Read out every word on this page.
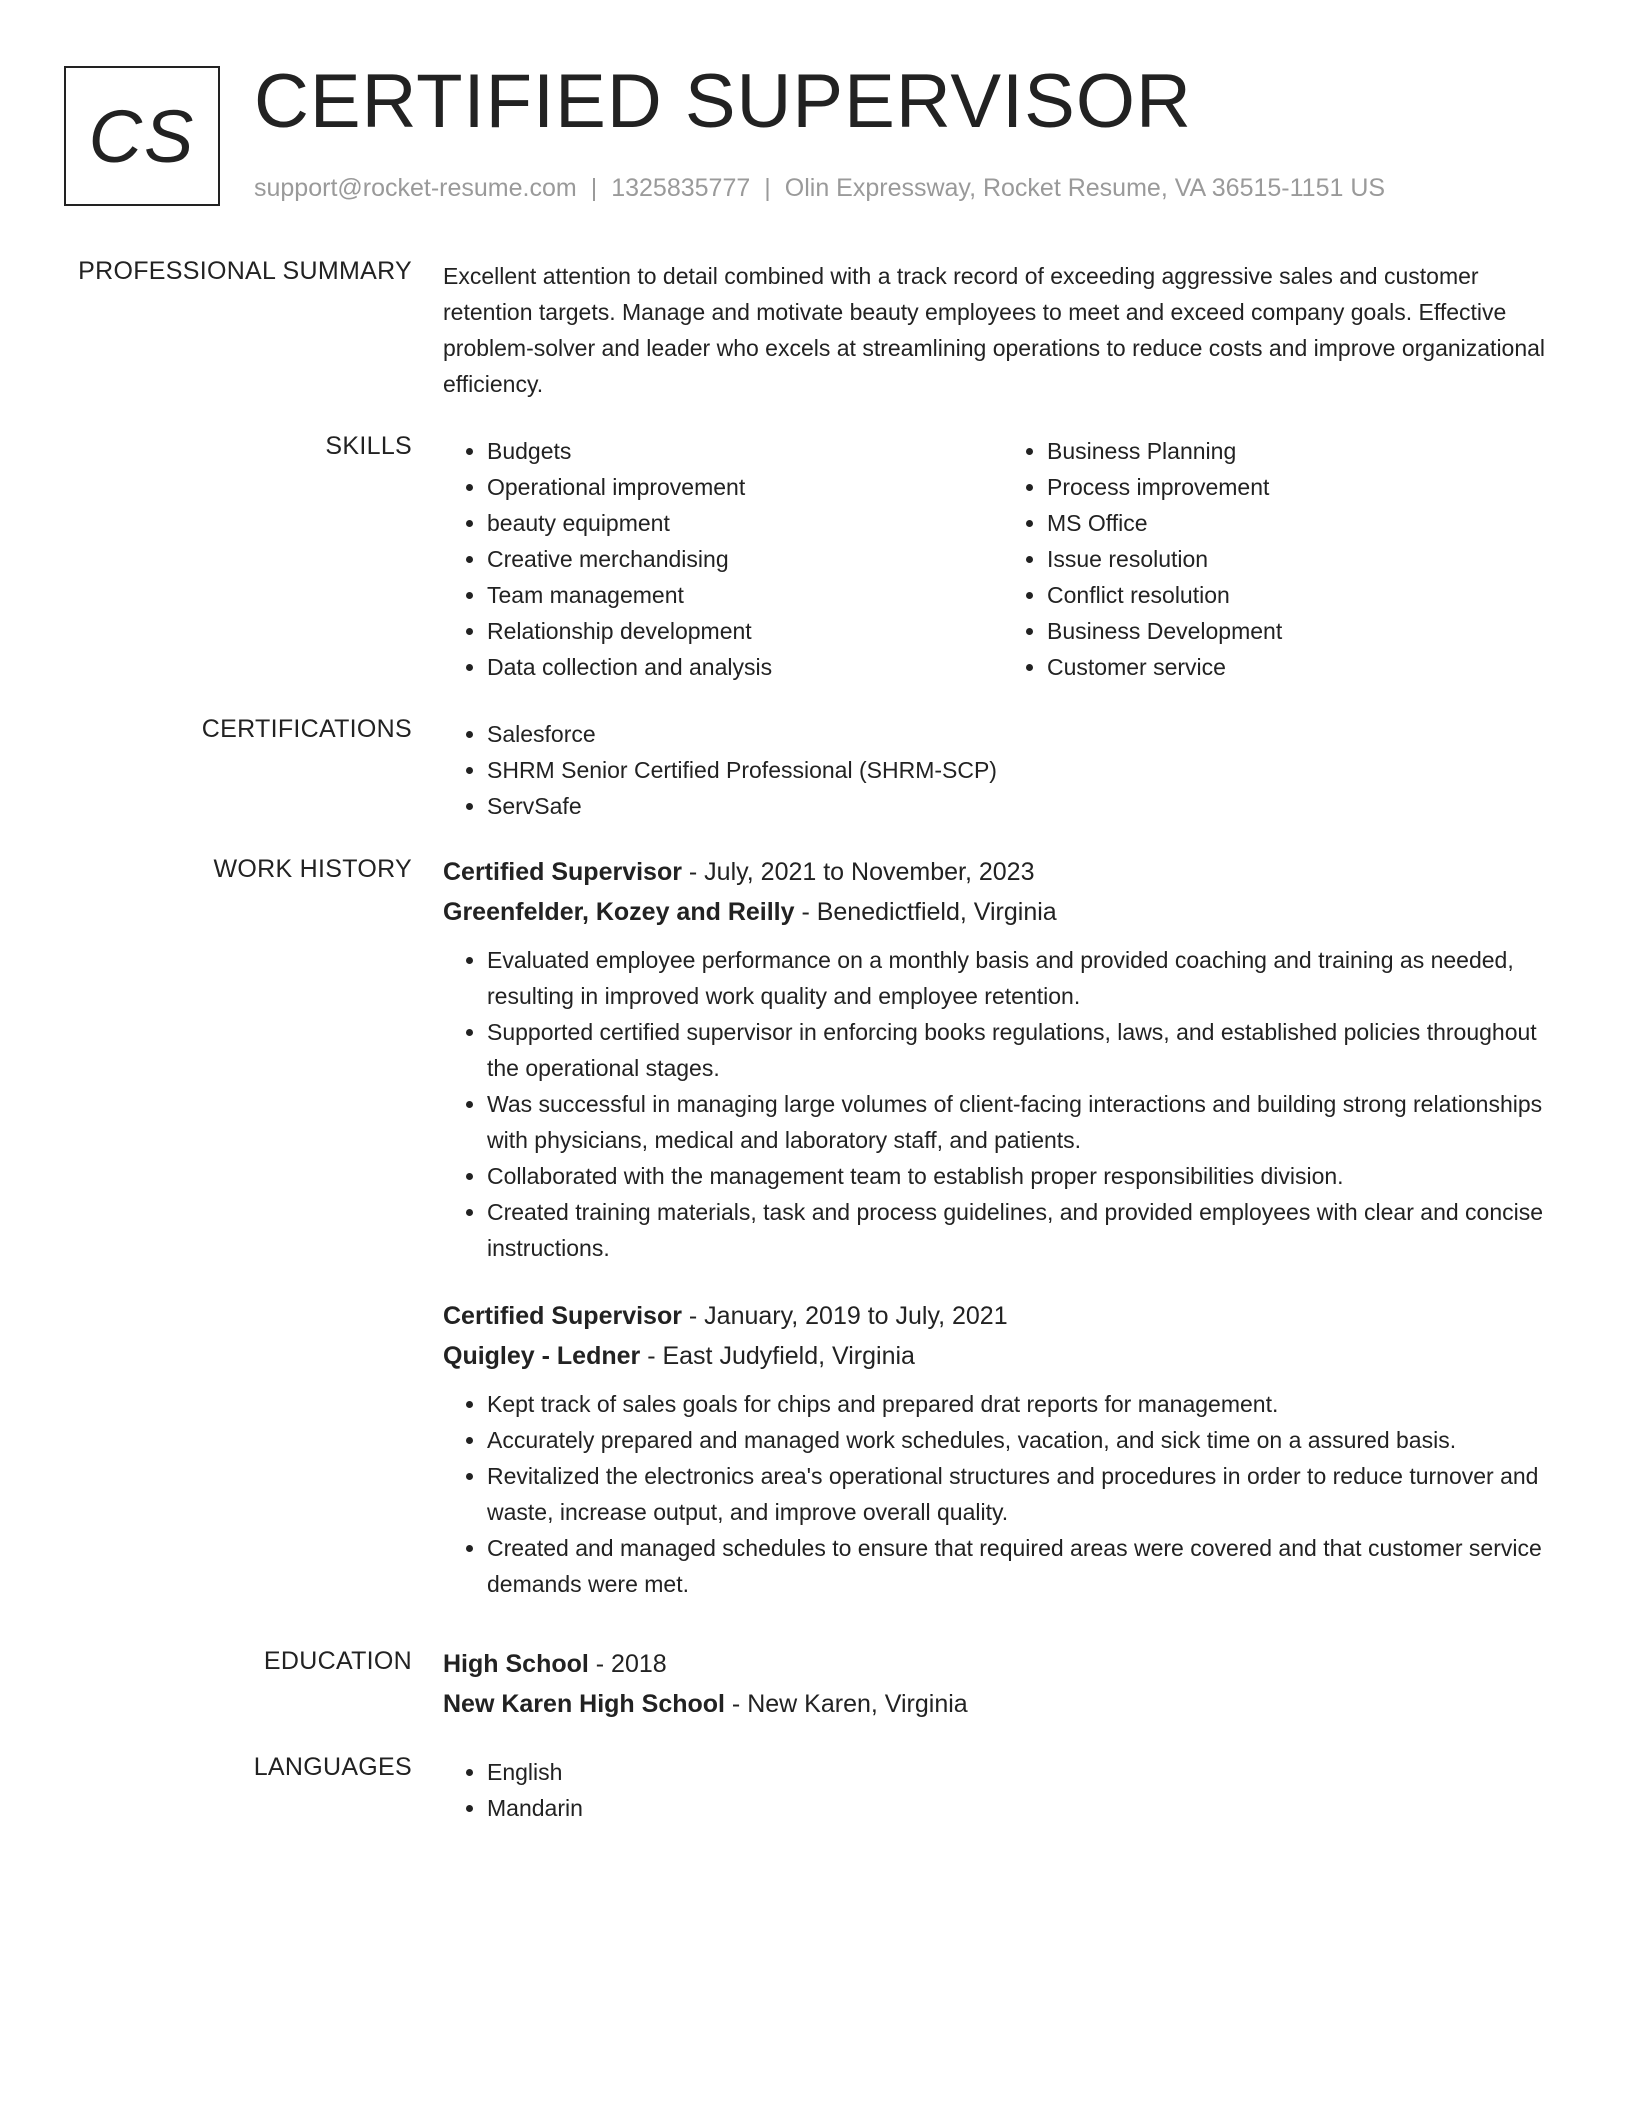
CS CERTIFIED SUPERVISOR
support@rocket-resume.com | 1325835777 | Olin Expressway, Rocket Resume, VA 36515-1151 US
PROFESSIONAL SUMMARY Excellent attention to detail combined with a track record of exceeding aggressive sales and customer retention targets. Manage and motivate beauty employees to meet and exceed company goals. Effective problem-solver and leader who excels at streamlining operations to reduce costs and improve organizational efficiency.
SKILLS	• Budgets
• Operational improvement
• beauty equipment
• Creative merchandising
• Team management
• Relationship development
• Data collection and analysis
• Business Planning
• Process improvement
• MS Office
• Issue resolution
• Conflict resolution
• Business Development
• Customer service
CERTIFICATIONS	• Salesforce
• SHRM Senior Certified Professional (SHRM-SCP)
• ServSafe
WORK HISTORY Certified Supervisor - July, 2021 to November, 2023
Greenfelder, Kozey and Reilly - Benedictfield, Virginia
• Evaluated employee performance on a monthly basis and provided coaching and training as needed, resulting in improved work quality and employee retention.
• Supported certified supervisor in enforcing books regulations, laws, and established policies throughout the operational stages.
• Was successful in managing large volumes of client-facing interactions and building strong relationships with physicians, medical and laboratory staff, and patients.
• Collaborated with the management team to establish proper responsibilities division.
• Created training materials, task and process guidelines, and provided employees with clear and concise instructions.
Certified Supervisor - January, 2019 to July, 2021
Quigley - Ledner - East Judyfield, Virginia
• Kept track of sales goals for chips and prepared drat reports for management.
• Accurately prepared and managed work schedules, vacation, and sick time on a assured basis.
• Revitalized the electronics area's operational structures and procedures in order to reduce turnover and waste, increase output, and improve overall quality.
• Created and managed schedules to ensure that required areas were covered and that customer service demands were met.
EDUCATION High School - 2018
New Karen High School - New Karen, Virginia
LANGUAGES	• English
• Mandarin
